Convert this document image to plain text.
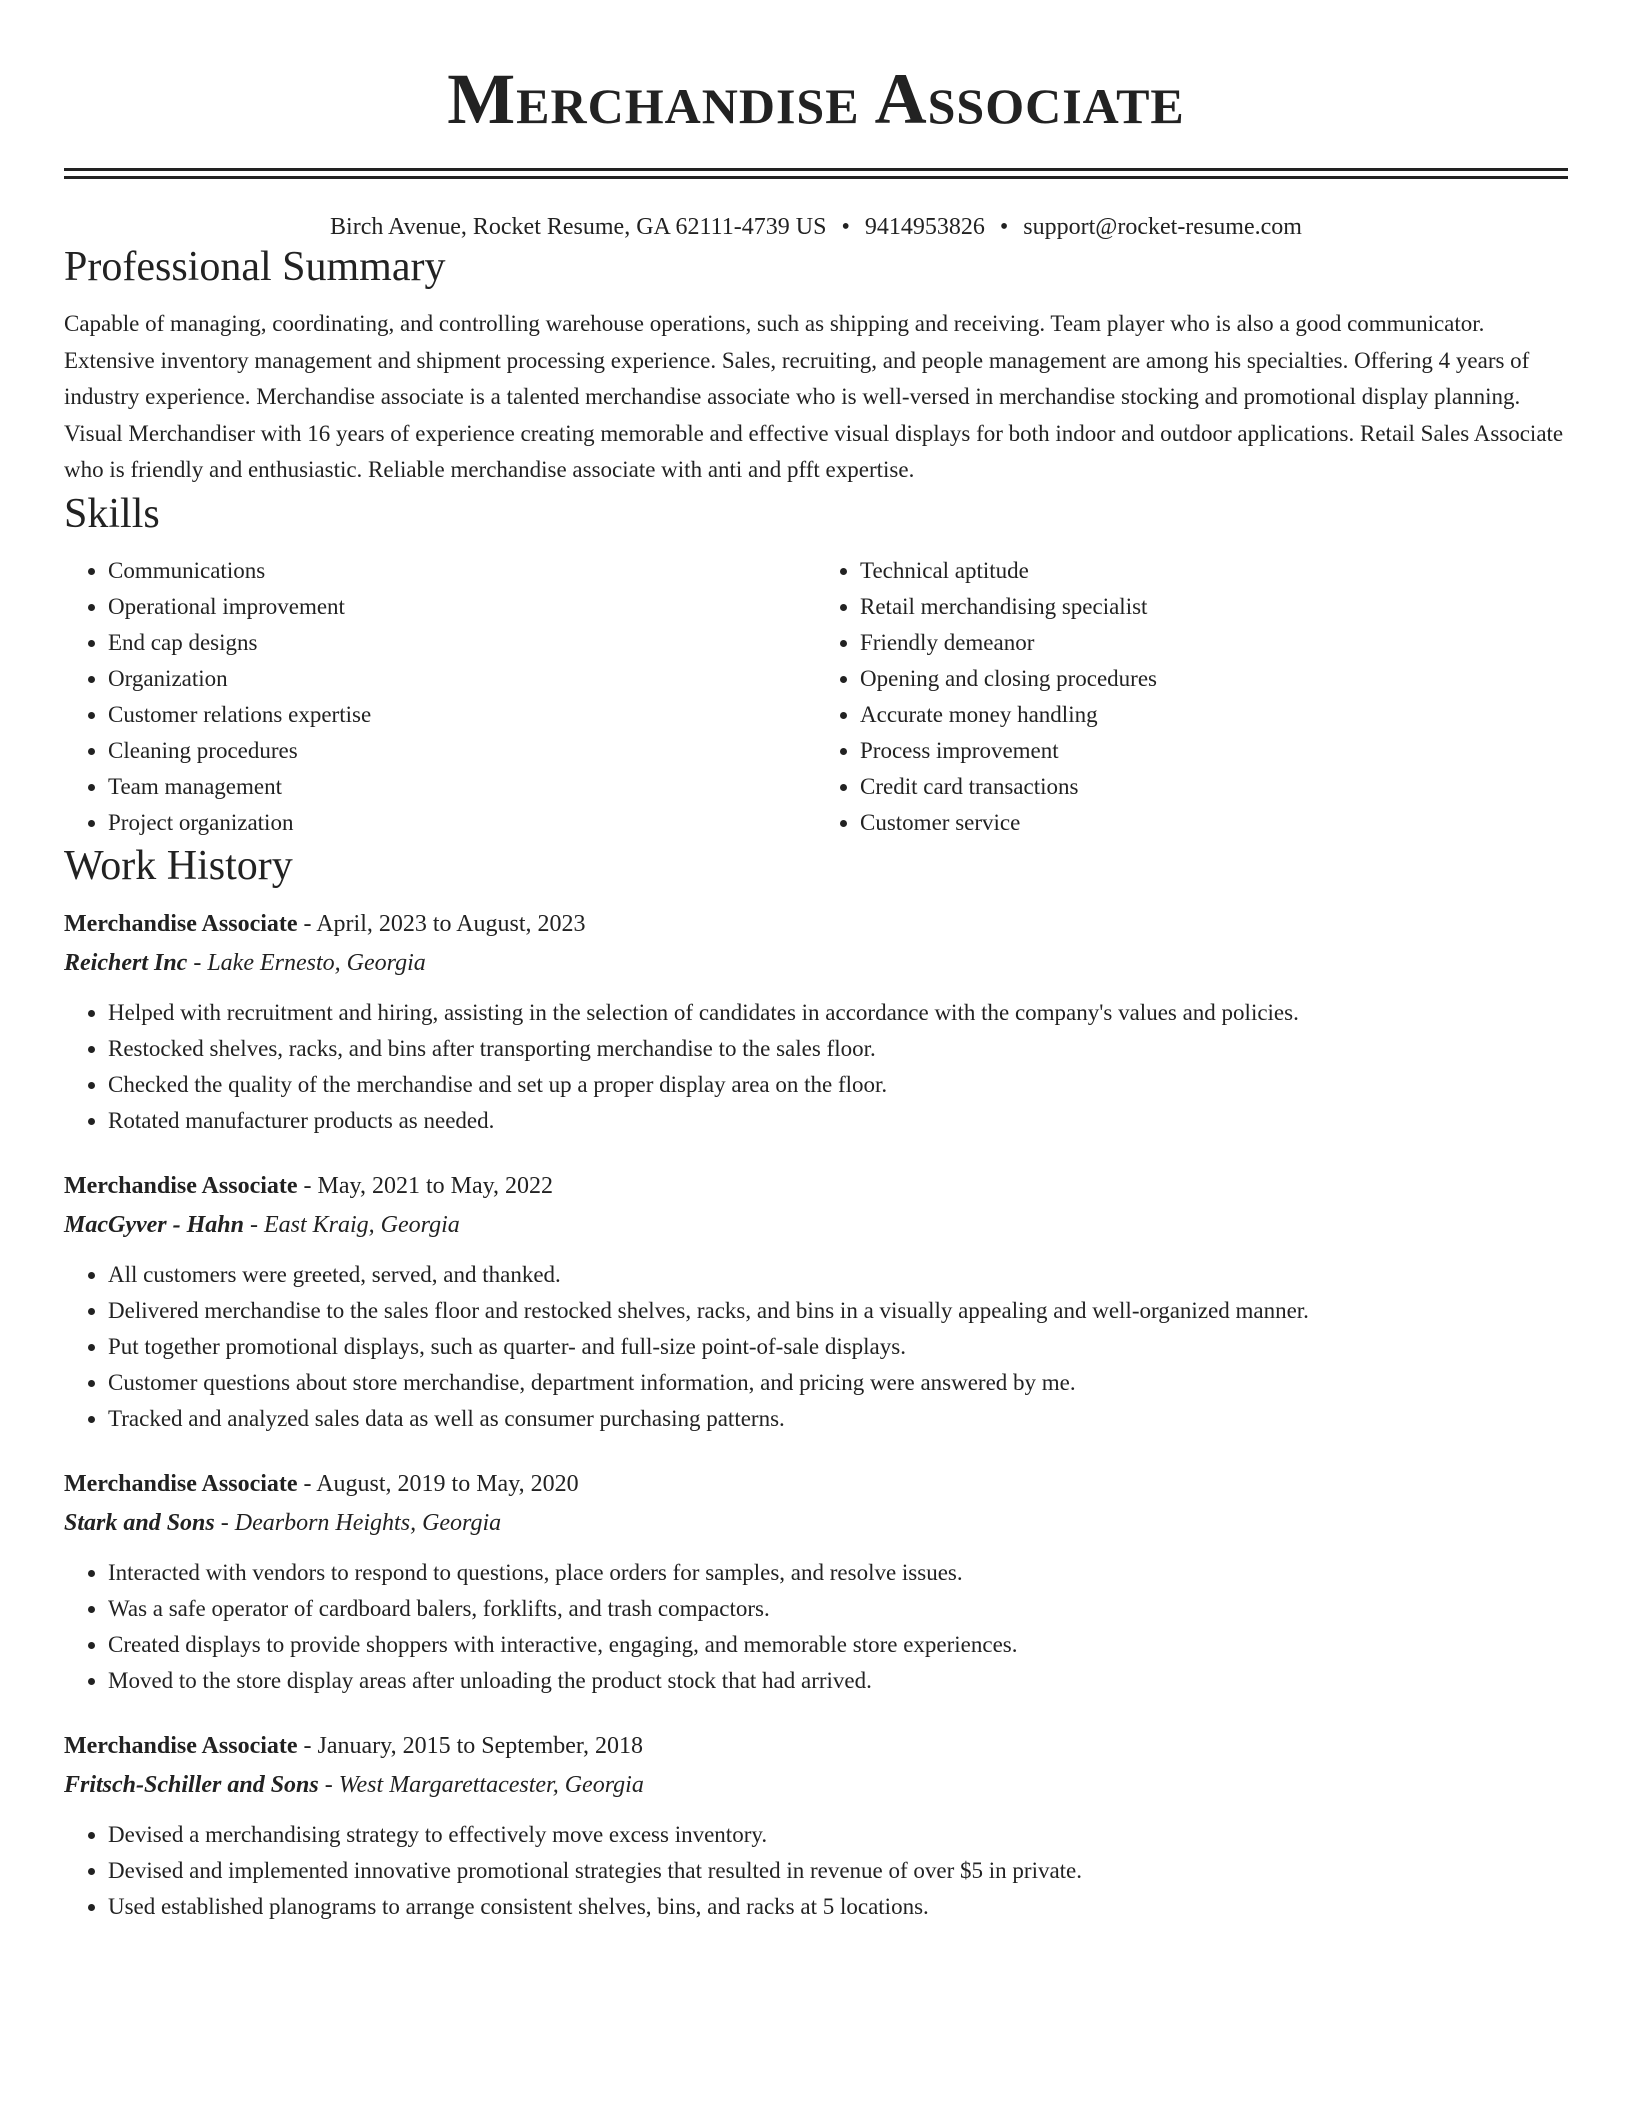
Merchandise Associate
Birch Avenue, Rocket Resume, GA 62111-4739 US • 9414953826 • support@rocket-resume.com
Professional Summary
Capable of managing, coordinating, and controlling warehouse operations, such as shipping and receiving. Team player who is also a good communicator. Extensive inventory management and shipment processing experience. Sales, recruiting, and people management are among his specialties. Offering 4 years of industry experience. Merchandise associate is a talented merchandise associate who is well-versed in merchandise stocking and promotional display planning. Visual Merchandiser with 16 years of experience creating memorable and effective visual displays for both indoor and outdoor applications. Retail Sales Associate who is friendly and enthusiastic. Reliable merchandise associate with anti and pfft expertise.
Skills
• Communications
• Operational improvement
• End cap designs
• Organization
• Customer relations expertise
• Cleaning procedures
• Team management
• Project organization
• Technical aptitude
• Retail merchandising specialist
• Friendly demeanor
• Opening and closing procedures
• Accurate money handling
• Process improvement
• Credit card transactions
• Customer service
Work History
Merchandise Associate - April, 2023 to August, 2023
Reichert Inc - Lake Ernesto, Georgia
• Helped with recruitment and hiring, assisting in the selection of candidates in accordance with the company's values and policies.
• Restocked shelves, racks, and bins after transporting merchandise to the sales floor.
• Checked the quality of the merchandise and set up a proper display area on the floor.
• Rotated manufacturer products as needed.
Merchandise Associate - May, 2021 to May, 2022
MacGyver - Hahn - East Kraig, Georgia
• All customers were greeted, served, and thanked.
• Delivered merchandise to the sales floor and restocked shelves, racks, and bins in a visually appealing and well-organized manner.
• Put together promotional displays, such as quarter- and full-size point-of-sale displays.
• Customer questions about store merchandise, department information, and pricing were answered by me.
• Tracked and analyzed sales data as well as consumer purchasing patterns.
Merchandise Associate - August, 2019 to May, 2020
Stark and Sons - Dearborn Heights, Georgia
• Interacted with vendors to respond to questions, place orders for samples, and resolve issues.
• Was a safe operator of cardboard balers, forklifts, and trash compactors.
• Created displays to provide shoppers with interactive, engaging, and memorable store experiences.
• Moved to the store display areas after unloading the product stock that had arrived.
Merchandise Associate - January, 2015 to September, 2018
Fritsch-Schiller and Sons - West Margarettacester, Georgia
• Devised a merchandising strategy to effectively move excess inventory.
• Devised and implemented innovative promotional strategies that resulted in revenue of over $5 in private.
• Used established planograms to arrange consistent shelves, bins, and racks at 5 locations.
